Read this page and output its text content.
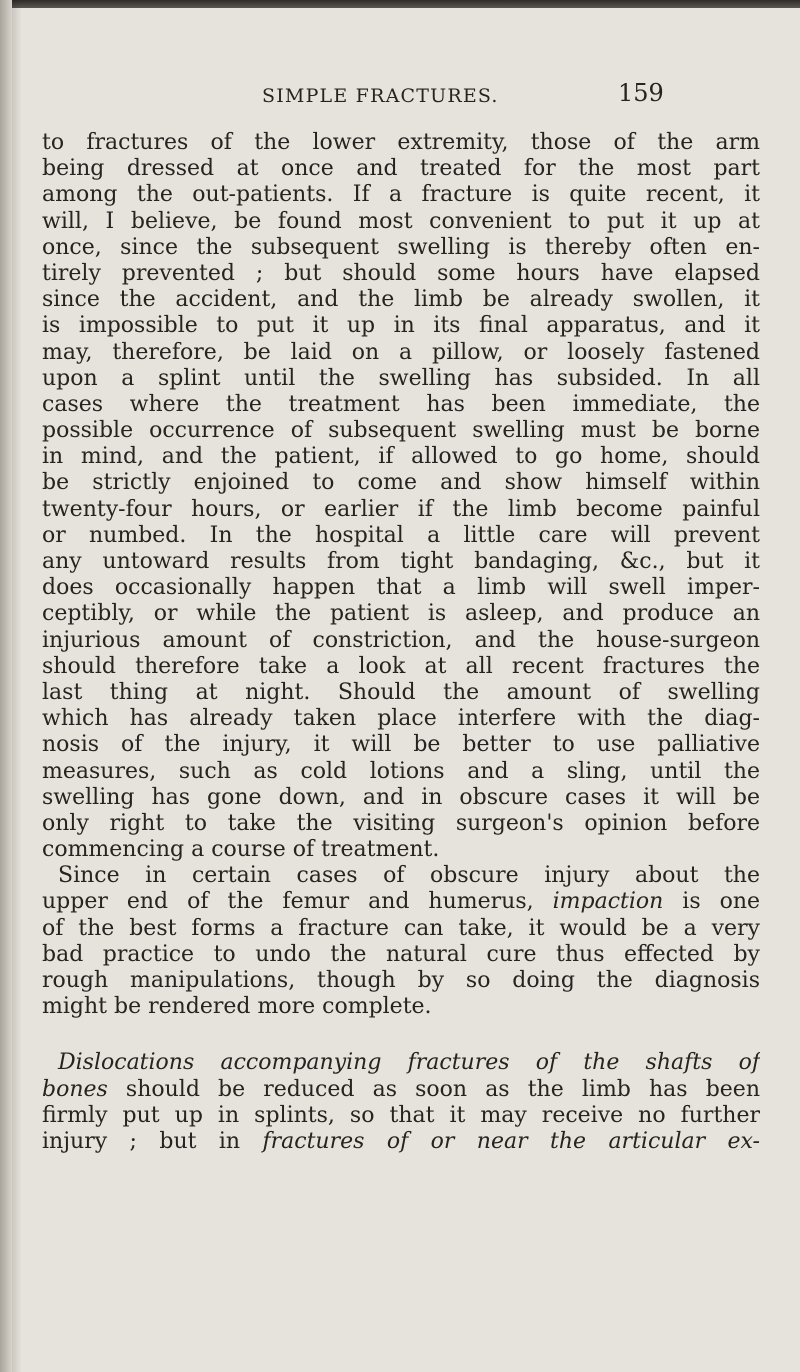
SIMPLE FRACTURES.	159
to fractures of the lower extremity, those of the arm
being dressed at once and treated for the most part
among the out-patients. If a fracture is quite recent, it
will, I believe, be found most convenient to put it up at
once, since the subsequent swelling is thereby often en-
tirely prevented ; but should some hours have elapsed
since the accident, and the limb be already swollen, it
is impossible to put it up in its final apparatus, and it
may, therefore, be laid on a pillow, or loosely fastened
upon a splint until the swelling has subsided. In all
cases where the treatment has been immediate, the
possible occurrence of subsequent swelling must be borne
in mind, and the patient, if allowed to go home, should
be strictly enjoined to come and show himself within
twenty-four hours, or earlier if the limb become painful
or numbed. In the hospital a little care will prevent
any untoward results from tight bandaging, &c., but it
does occasionally happen that a limb will swell imper-
ceptibly, or while the patient is asleep, and produce an
injurious amount of constriction, and the house-surgeon
should therefore take a look at all recent fractures the
last thing at night. Should the amount of swelling
which has already taken place interfere with the diag-
nosis of the injury, it will be better to use palliative
measures, such as cold lotions and a sling, until the
swelling has gone down, and in obscure cases it will be
only right to take the visiting surgeon's opinion before
commencing a course of treatment.
Since in certain cases of obscure injury about the
upper end of the femur and humerus, impaction is one
of the best forms a fracture can take, it would be a very
bad practice to undo the natural cure thus effected by
rough manipulations, though by so doing the diagnosis
might be rendered more complete.
Dislocations accompanying fractures of the shafts of
bones should be reduced as soon as the limb has been
firmly put up in splints, so that it may receive no further
injury ; but in fractures of or near the articular ex-
